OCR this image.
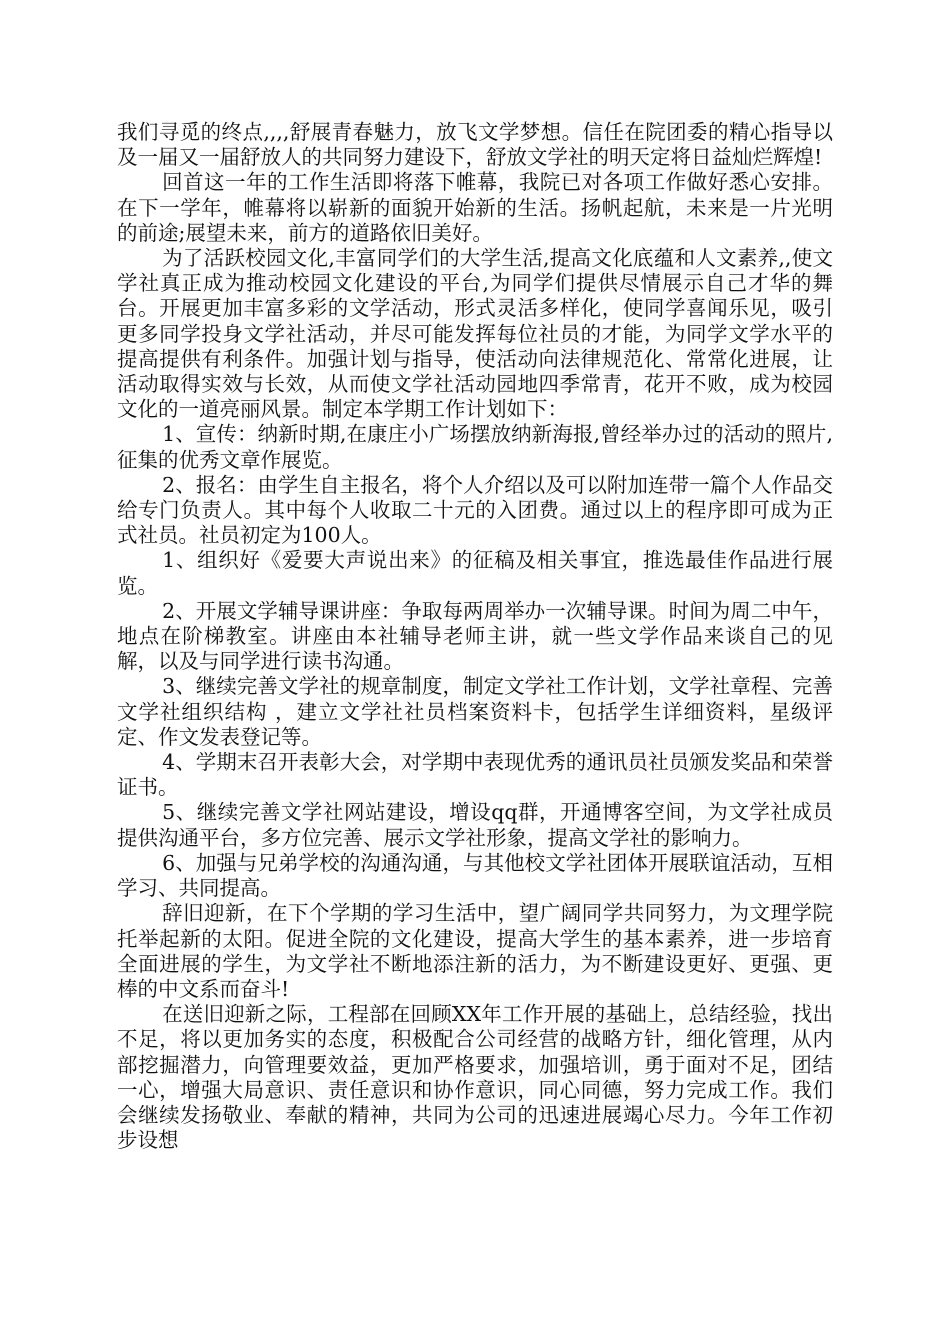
我们寻觅的终点,,,,舒展青春魅力，放飞文学梦想。信任在院团委的精心指导以及一届又一届舒放人的共同努力建设下，舒放文学社的明天定将日益灿烂辉煌!

回首这一年的工作生活即将落下帷幕，我院已对各项工作做好悉心安排。在下一学年，帷幕将以崭新的面貌开始新的生活。扬帆起航，未来是一片光明的前途;展望未来，前方的道路依旧美好。

为了活跃校园文化,丰富同学们的大学生活,提高文化底蕴和人文素养,,使文学社真正成为推动校园文化建设的平台,为同学们提供尽情展示自己才华的舞台。开展更加丰富多彩的文学活动，形式灵活多样化，使同学喜闻乐见，吸引更多同学投身文学社活动，并尽可能发挥每位社员的才能，为同学文学水平的提高提供有利条件。加强计划与指导，使活动向法律规范化、常常化进展，让活动取得实效与长效，从而使文学社活动园地四季常青，花开不败，成为校园文化的一道亮丽风景。制定本学期工作计划如下：

1、宣传：纳新时期,在康庄小广场摆放纳新海报,曾经举办过的活动的照片,征集的优秀文章作展览。

2、报名：由学生自主报名，将个人介绍以及可以附加连带一篇个人作品交给专门负责人。其中每个人收取二十元的入团费。通过以上的程序即可成为正式社员。社员初定为100人。

1、组织好《爱要大声说出来》的征稿及相关事宜，推选最佳作品进行展览。

2、开展文学辅导课讲座：争取每两周举办一次辅导课。时间为周二中午，地点在阶梯教室。讲座由本社辅导老师主讲，就一些文学作品来谈自己的见解，以及与同学进行读书沟通。

3、继续完善文学社的规章制度，制定文学社工作计划，文学社章程、完善文学社组织结构 ，建立文学社社员档案资料卡，包括学生详细资料，星级评定、作文发表登记等。

4、学期末召开表彰大会，对学期中表现优秀的通讯员社员颁发奖品和荣誉证书。

5、继续完善文学社网站建设，增设qq群，开通博客空间，为文学社成员提供沟通平台，多方位完善、展示文学社形象，提高文学社的影响力。

6、加强与兄弟学校的沟通沟通，与其他校文学社团体开展联谊活动，互相学习、共同提高。

辞旧迎新，在下个学期的学习生活中，望广阔同学共同努力，为文理学院托举起新的太阳。促进全院的文化建设，提高大学生的基本素养，进一步培育全面进展的学生，为文学社不断地添注新的活力，为不断建设更好、更强、更棒的中文系而奋斗!

在送旧迎新之际，工程部在回顾XX年工作开展的基础上，总结经验，找出不足，将以更加务实的态度，积极配合公司经营的战略方针，细化管理，从内部挖掘潜力，向管理要效益，更加严格要求，加强培训，勇于面对不足，团结一心，增强大局意识、责任意识和协作意识，同心同德，努力完成工作。我们会继续发扬敬业、奉献的精神，共同为公司的迅速进展竭心尽力。今年工作初步设想
